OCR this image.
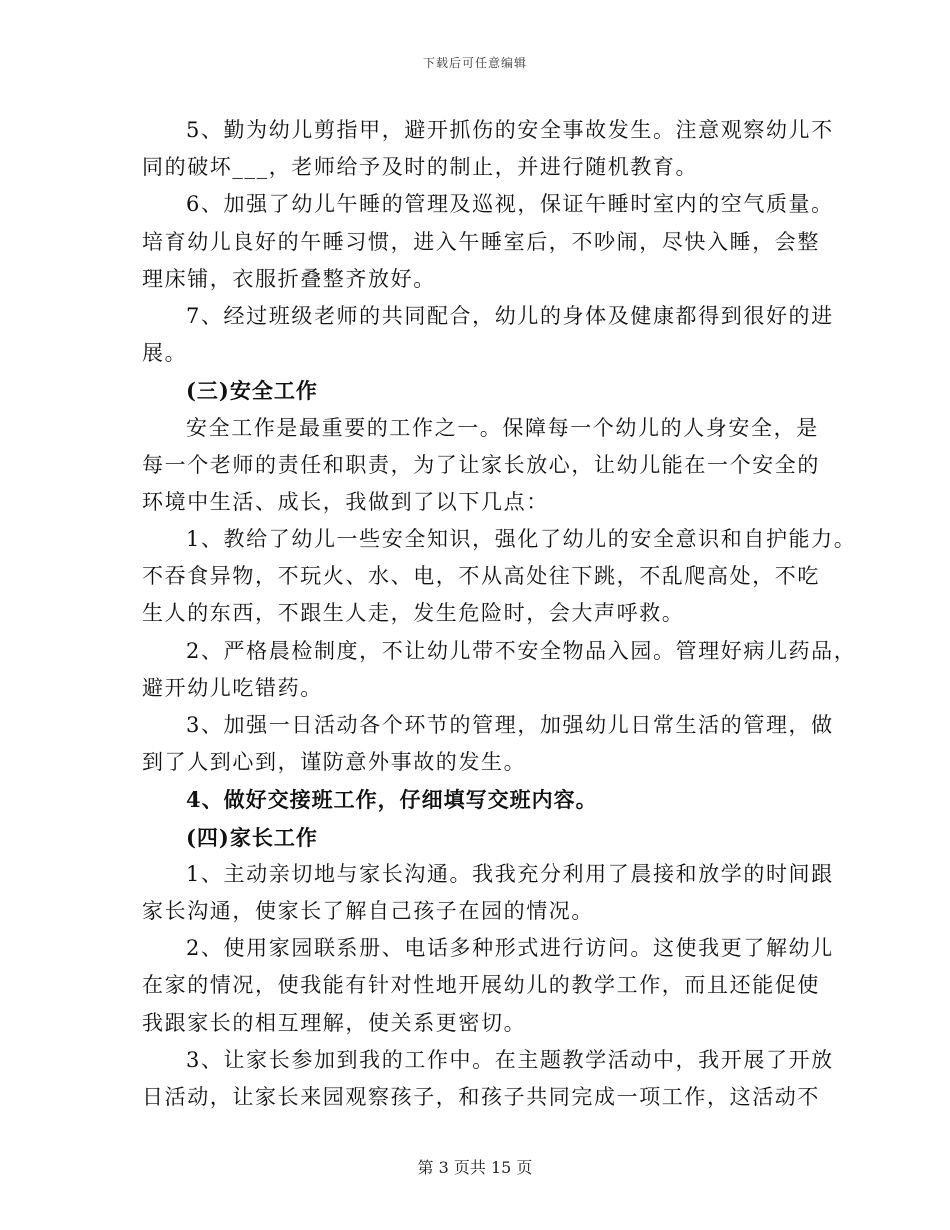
下载后可任意编辑
5、勤为幼儿剪指甲，避开抓伤的安全事故发生。注意观察幼儿不
同的破坏___，老师给予及时的制止，并进行随机教育。
6、加强了幼儿午睡的管理及巡视，保证午睡时室内的空气质量。
培育幼儿良好的午睡习惯，进入午睡室后，不吵闹，尽快入睡，会整
理床铺，衣服折叠整齐放好。
7、经过班级老师的共同配合，幼儿的身体及健康都得到很好的进
展。
(三)安全工作
安全工作是最重要的工作之一。保障每一个幼儿的人身安全，是
每一个老师的责任和职责，为了让家长放心，让幼儿能在一个安全的
环境中生活、成长，我做到了以下几点：
1、教给了幼儿一些安全知识，强化了幼儿的安全意识和自护能力。
不吞食异物，不玩火、水、电，不从高处往下跳，不乱爬高处，不吃
生人的东西，不跟生人走，发生危险时，会大声呼救。
2、严格晨检制度，不让幼儿带不安全物品入园。管理好病儿药品，
避开幼儿吃错药。
3、加强一日活动各个环节的管理，加强幼儿日常生活的管理，做
到了人到心到，谨防意外事故的发生。
4、做好交接班工作，仔细填写交班内容。
(四)家长工作
1、主动亲切地与家长沟通。我我充分利用了晨接和放学的时间跟
家长沟通，使家长了解自己孩子在园的情况。
2、使用家园联系册、电话多种形式进行访问。这使我更了解幼儿
在家的情况，使我能有针对性地开展幼儿的教学工作，而且还能促使
我跟家长的相互理解，使关系更密切。
3、让家长参加到我的工作中。在主题教学活动中，我开展了开放
日活动，让家长来园观察孩子，和孩子共同完成一项工作，这活动不
第 3 页共 15 页
